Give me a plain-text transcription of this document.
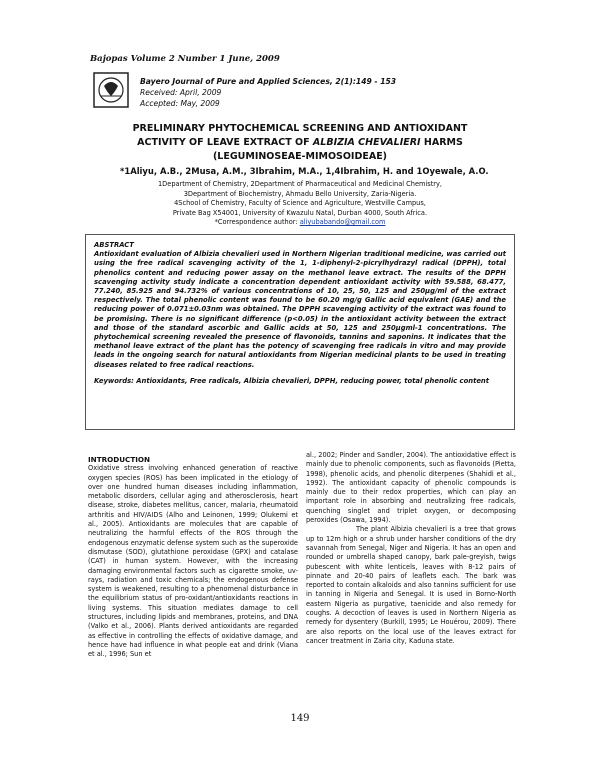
Bajopas Volume 2 Number 1 June, 2009
Bayero Journal of Pure and Applied Sciences, 2(1):149 - 153
Received: April, 2009
Accepted: May, 2009
PRELIMINARY PHYTOCHEMICAL SCREENING AND ANTIOXIDANT
ACTIVITY OF LEAVE EXTRACT OF ALBIZIA CHEVALIERI HARMS
(LEGUMINOSEAE-MIMOSOIDEAE)
*1Aliyu, A.B., 2Musa, A.M., 3Ibrahim, M.A., 1,4Ibrahim, H. and 1Oyewale, A.O.
1Department of Chemistry, 2Department of Pharmaceutical and Medicinal Chemistry,
3Department of Biochemistry, Ahmadu Bello University, Zaria-Nigeria.
4School of Chemistry, Faculty of Science and Agriculture, Westville Campus,
Private Bag X54001, University of Kwazulu Natal, Durban 4000, South Africa.
*Correspondence author: aliyubabando@gmail.com
ABSTRACT
Antioxidant evaluation of Albizia chevalieri used in Northern Nigerian traditional medicine, was carried out using the free radical scavenging activity of the 1, 1-diphenyl-2-picrylhydrazyl radical (DPPH), total phenolics content and reducing power assay on the methanol leave extract. The results of the DPPH scavenging activity study indicate a concentration dependent antioxidant activity with 59.588, 68.477, 77.240, 85.925 and 94.732% of various concentrations of 10, 25, 50, 125 and 250μg/ml of the extract respectively. The total phenolic content was found to be 60.20 mg/g Gallic acid equivalent (GAE) and the reducing power of 0.071±0.03nm was obtained. The DPPH scavenging activity of the extract was found to be promising. There is no significant difference (p<0.05) in the antioxidant activity between the extract and those of the standard ascorbic and Gallic acids at 50, 125 and 250μgml-1 concentrations. The phytochemical screening revealed the presence of flavonoids, tannins and saponins. It indicates that the methanol leave extract of the plant has the potency of scavenging free radicals in vitro and may provide leads in the ongoing search for natural antioxidants from Nigerian medicinal plants to be used in treating diseases related to free radical reactions.
Keywords: Antioxidants, Free radicals, Albizia chevalieri, DPPH, reducing power, total phenolic content
INTRODUCTION

Oxidative stress involving enhanced generation of reactive oxygen species (ROS) has been implicated in the etiology of over one hundred human diseases including inflammation, metabolic disorders, cellular aging and atherosclerosis, heart disease, stroke, diabetes mellitus, cancer, malaria, rheumatoid arthritis and HIV/AIDS (Alho and Leinonen, 1999; Olukemi et al., 2005). Antioxidants are molecules that are capable of neutralizing the harmful effects of the ROS through the endogenous enzymatic defense system such as the superoxide dismutase (SOD), glutathione peroxidase (GPX) and catalase (CAT) in human system. However, with the increasing damaging environmental factors such as cigarette smoke, uv-rays, radiation and toxic chemicals; the endogenous defense system is weakened, resulting to a phenomenal disturbance in the equilibrium status of pro-oxidant/antioxidants reactions in living systems. This situation mediates damage to cell structures, including lipids and membranes, proteins, and DNA (Valko et al., 2006). Plants derived antioxidants are regarded as effective in controlling the effects of oxidative damage, and hence have had influence in what people eat and drink (Viana et al., 1996; Sun et

al., 2002; Pinder and Sandler, 2004). The antioxidative effect is mainly due to phenolic components, such as flavonoids (Pietta, 1998), phenolic acids, and phenolic diterpenes (Shahidi et al., 1992). The antioxidant capacity of phenolic compounds is mainly due to their redox properties, which can play an important role in absorbing and neutralizing free radicals, quenching singlet and triplet oxygen, or decomposing peroxides (Osawa, 1994).

The plant Albizia chevalieri is a tree that grows up to 12m high or a shrub under harsher conditions of the dry savannah from Senegal, Niger and Nigeria. It has an open and rounded or umbrella shaped canopy, bark pale-greyish, twigs pubescent with white lenticels, leaves with 8-12 pairs of pinnate and 20-40 pairs of leaflets each. The bark was reported to contain alkaloids and also tannins sufficient for use in tanning in Nigeria and Senegal. It is used in Borno-North eastern Nigeria as purgative, taenicide and also remedy for coughs. A decoction of leaves is used in Northern Nigeria as remedy for dysentery (Burkill, 1995; Le Houérou, 2009). There are also reports on the local use of the leaves extract for cancer treatment in Zaria city, Kaduna state.

149
